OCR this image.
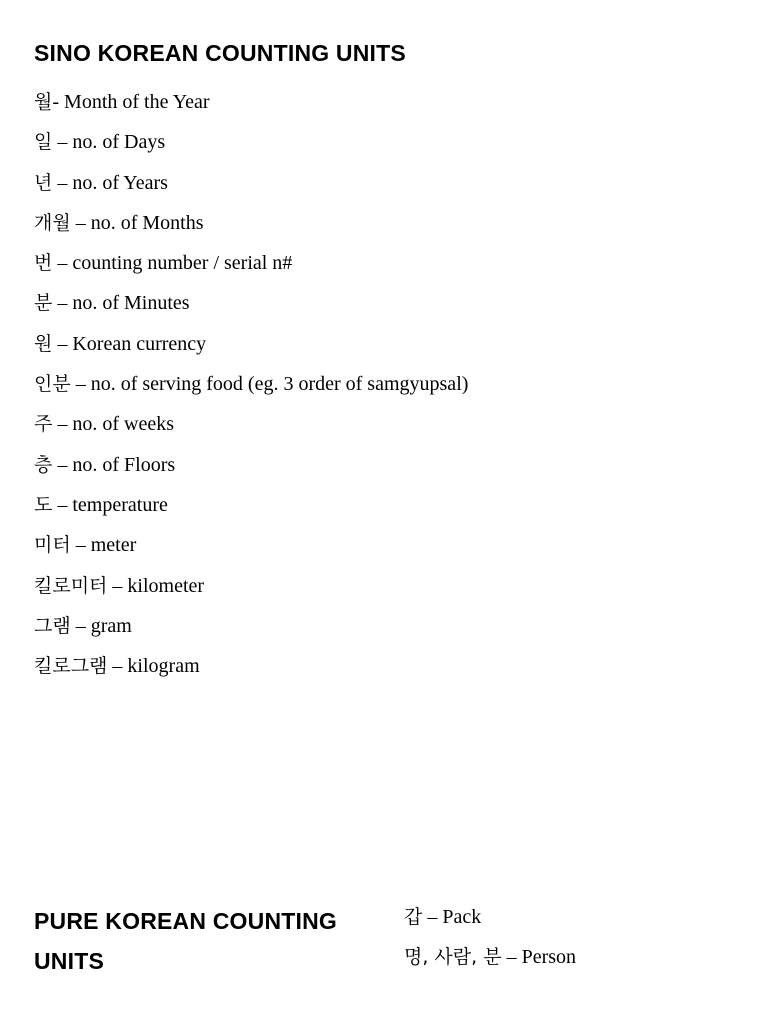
SINO KOREAN COUNTING UNITS
월- Month of the Year
일 – no. of Days
년 – no. of Years
개월 – no. of Months
번 – counting number / serial n#
분 – no. of Minutes
원 – Korean currency
인분 – no. of serving food (eg. 3 order of samgyupsal)
주 – no. of weeks
층 – no. of Floors
도 – temperature
미터 – meter
킬로미터 – kilometer
그램 – gram
킬로그램 – kilogram
PURE KOREAN COUNTING UNITS
갑 – Pack
명, 사람, 분 – Person
